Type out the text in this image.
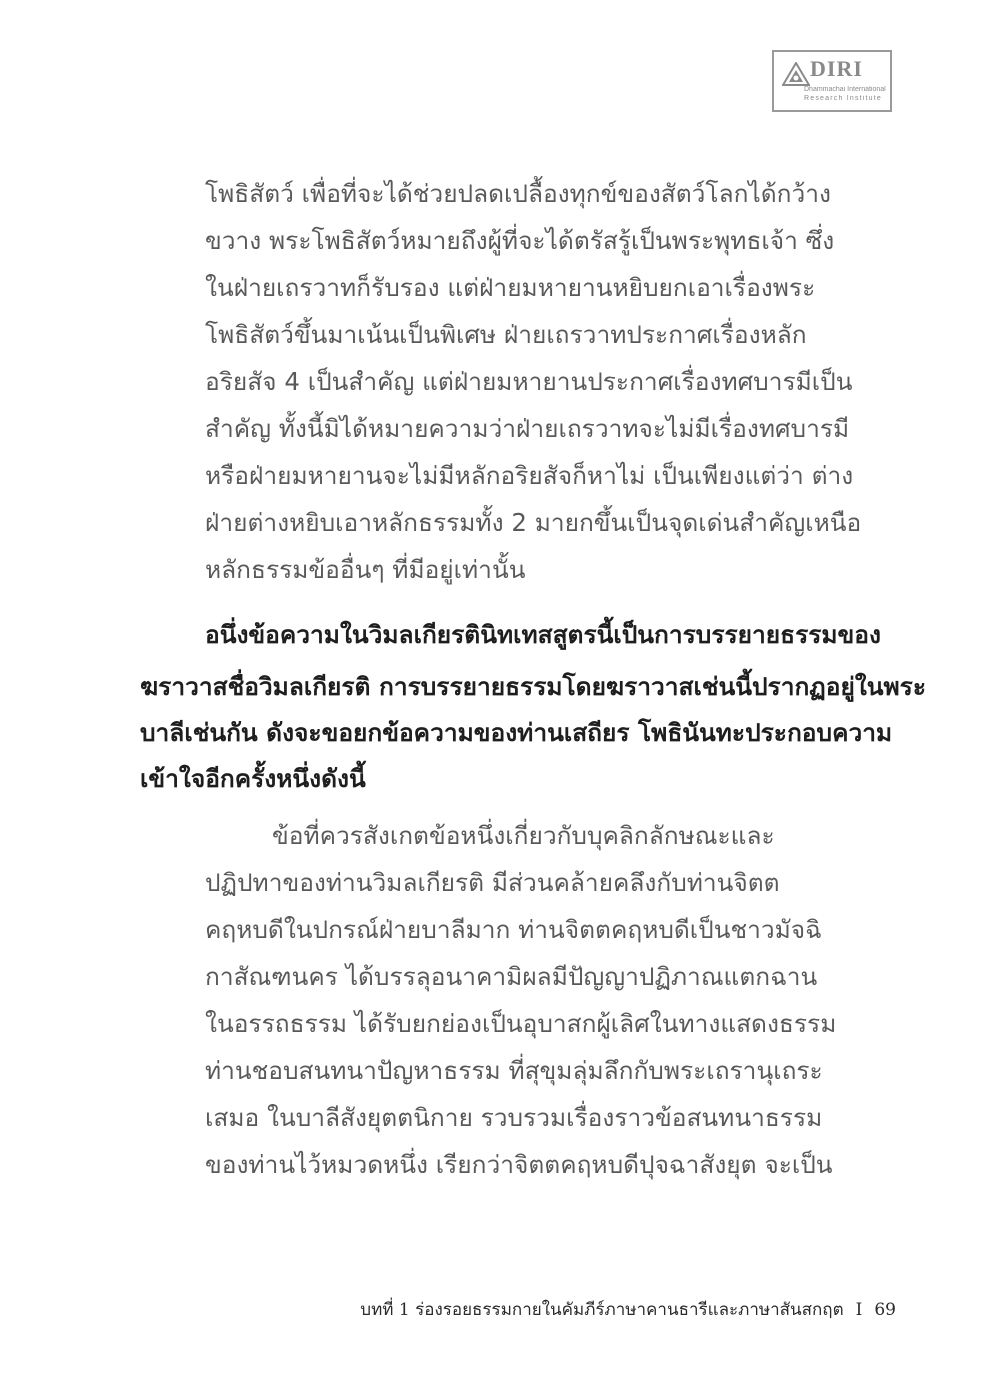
DIRI
Dhammachai International
Research Institute
โพธิสัตว์ เพื่อที่จะได้ช่วยปลดเปลื้องทุกข์ของสัตว์โลกได้กว้าง
ขวาง พระโพธิสัตว์หมายถึงผู้ที่จะได้ตรัสรู้เป็นพระพุทธเจ้า ซึ่ง
ในฝ่ายเถรวาทก็รับรอง แต่ฝ่ายมหายานหยิบยกเอาเรื่องพระ
โพธิสัตว์ขึ้นมาเน้นเป็นพิเศษ ฝ่ายเถรวาทประกาศเรื่องหลัก
อริยสัจ 4 เป็นสำคัญ แต่ฝ่ายมหายานประกาศเรื่องทศบารมีเป็น
สำคัญ ทั้งนี้มิได้หมายความว่าฝ่ายเถรวาทจะไม่มีเรื่องทศบารมี
หรือฝ่ายมหายานจะไม่มีหลักอริยสัจก็หาไม่ เป็นเพียงแต่ว่า ต่าง
ฝ่ายต่างหยิบเอาหลักธรรมทั้ง 2 มายกขึ้นเป็นจุดเด่นสำคัญเหนือ
หลักธรรมข้ออื่นๆ ที่มีอยู่เท่านั้น
อนึ่งข้อความในวิมลเกียรตินิทเทสสูตรนี้เป็นการบรรยายธรรมของ
ฆราวาสชื่อวิมลเกียรติ การบรรยายธรรมโดยฆราวาสเช่นนี้ปรากฏอยู่ในพระ
บาลีเช่นกัน ดังจะขอยกข้อความของท่านเสถียร โพธินันทะประกอบความ
เข้าใจอีกครั้งหนึ่งดังนี้
ข้อที่ควรสังเกตข้อหนึ่งเกี่ยวกับบุคลิกลักษณะและ
ปฏิปทาของท่านวิมลเกียรติ มีส่วนคล้ายคลึงกับท่านจิตต
คฤหบดีในปกรณ์ฝ่ายบาลีมาก ท่านจิตตคฤหบดีเป็นชาวมัจฉิ
กาสัณฑนคร ได้บรรลุอนาคามิผลมีปัญญาปฏิภาณแตกฉาน
ในอรรถธรรม ได้รับยกย่องเป็นอุบาสกผู้เลิศในทางแสดงธรรม
ท่านชอบสนทนาปัญหาธรรม ที่สุขุมลุ่มลึกกับพระเถรานุเถระ
เสมอ ในบาลีสังยุตตนิกาย รวบรวมเรื่องราวข้อสนทนาธรรม
ของท่านไว้หมวดหนึ่ง เรียกว่าจิตตคฤหบดีปุจฉาสังยุต จะเป็น
บทที่ 1 ร่องรอยธรรมกายในคัมภีร์ภาษาคานธารีและภาษาสันสกฤต I 69
